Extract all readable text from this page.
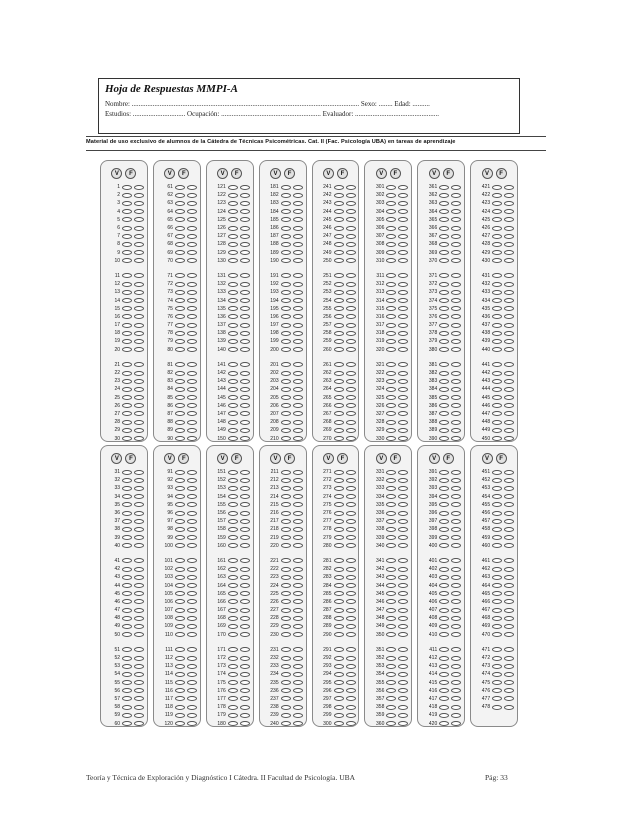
Hoja de Respuestas MMPI-A
Nombre: .................................................................................................................................. Sexo: ........ Edad: ..........
Estudios: .............................. Ocupación: ......................................................... Evaluador: ................................................
Material de uso exclusivo de alumnos de la Cátedra de Técnicas Psicométricas. Cat. II (Fac. Psicología UBA) en tareas de aprendizaje
V	F
1
2
3
4
5
6
7
8
9
10
11
12
13
14
15
16
17
18
19
20
21
22
23
24
25
26
27
28
29
30
V	F
61
62
63
64
65
66
67
68
69
70
71
72
73
74
75
76
77
78
79
80
81
82
83
84
85
86
87
88
89
90
V	F
121
122
123
124
125
126
127
128
129
130
131
132
133
134
135
136
137
138
139
140
141
142
143
144
145
146
147
148
149
150
V	F
181
182
183
184
185
186
187
188
189
190
191
192
193
194
195
196
197
198
199
200
201
202
203
204
205
206
207
208
209
210
V	F
241
242
243
244
245
246
247
248
249
250
251
252
253
254
255
256
257
258
259
260
261
262
263
264
265
266
267
268
269
270
V	F
301
302
303
304
305
306
307
308
309
310
311
312
313
314
315
316
317
318
319
320
321
322
323
324
325
326
327
328
329
330
V	F
361
362
363
364
365
366
367
368
369
370
371
372
373
374
375
376
377
378
379
380
381
382
383
384
385
386
387
388
389
390
V	F
421
422
423
424
425
426
427
428
429
430
431
432
433
434
435
436
437
438
439
440
441
442
443
444
445
446
447
448
449
450
V	F
31
32
33
34
35
36
37
38
39
40
41
42
43
44
45
46
47
48
49
50
51
52
53
54
55
56
57
58
59
60
V	F
91
92
93
94
95
96
97
98
99
100
101
102
103
104
105
106
107
108
109
110
111
112
113
114
115
116
117
118
119
120
V	F
151
152
153
154
155
156
157
158
159
160
161
162
163
164
165
166
167
168
169
170
171
172
173
174
175
176
177
178
179
180
V	F
211
212
213
214
215
216
217
218
219
220
221
222
223
224
225
226
227
228
229
230
231
232
233
234
235
236
237
238
239
240
V	F
271
272
273
274
275
276
277
278
279
280
281
282
283
284
285
286
287
288
289
290
291
292
293
294
295
296
297
298
299
300
V	F
331
332
333
334
335
336
337
338
339
340
341
342
343
344
345
346
347
348
349
350
351
352
353
354
355
356
357
358
359
360
V	F
391
392
393
394
395
396
397
398
399
400
401
402
403
404
405
406
407
408
409
410
411
412
413
414
415
416
417
418
419
420
V	F
451
452
453
454
455
456
457
458
459
460
461
462
463
464
465
466
467
468
469
470
471
472
473
474
475
476
477
478
Teoría y Técnica de Exploración y Diagnóstico I Cátedra. II Facultad de Psicología. UBA	Pág: 33
